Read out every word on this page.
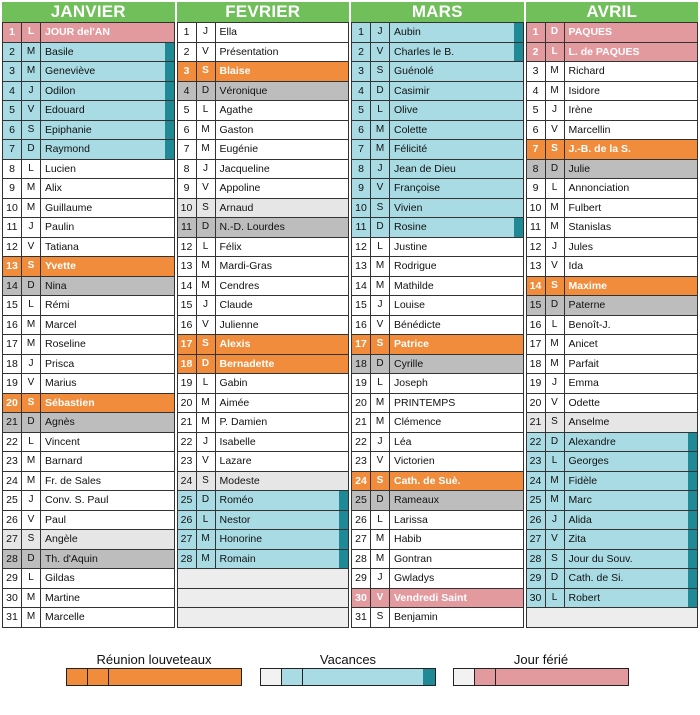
JANVIER
1	L	JOUR del'AN
2	M Basile
3	M Geneviève
4	J	Odilon
5	V	Edouard
6	S	Epiphanie
7	D Raymond
8	L	Lucien
9	M Alix
10 M Guillaume
11	J	Paulin
12 V	Tatiana
13 S	Yvette
14 D Nina
15	L	Rémi
16 M Marcel
17 M Roseline
18	J	Prisca
19 V	Marius
20 S	Sébastien
21 D Agnès
22	L	Vincent
23 M Barnard
24 M Fr. de Sales
25	J	Conv. S. Paul
26 V	Paul
27 S	Angèle
28 D Th. d'Aquin
29	L	Gildas
30 M Martine
31 M Marcelle
FEVRIER
1	J	Ella
2	V	Présentation
3	S	Blaise
4	D Véronique
5	L	Agathe
6	M Gaston
7	M Eugénie
8	J	Jacqueline
9	V	Appoline
10 S	Arnaud
11 D N.-D. Lourdes
12	L	Félix
13 M Mardi-Gras
14 M Cendres
15	J	Claude
16 V	Julienne
17 S	Alexis
18 D Bernadette
19	L	Gabin
20 M Aimée
21 M P. Damien
22	J	Isabelle
23 V	Lazare
24 S	Modeste
25 D Roméo
26	L	Nestor
27 M Honorine
28 M Romain
MARS
1	J	Aubin
2	V	Charles le B.
3	S	Guénolé
4	D Casimir
5	L	Olive
6	M Colette
7	M Félicité
8	J	Jean de Dieu
9	V	Françoise
10 S	Vivien
11 D Rosine
12	L	Justine
13 M Rodrigue
14 M Mathilde
15	J	Louise
16 V	Bénédicte
17 S	Patrice
18 D Cyrille
19	L	Joseph
20 M PRINTEMPS
21 M Clémence
22	J	Léa
23 V	Victorien
24 S	Cath. de Suè.
25 D Rameaux
26	L	Larissa
27 M Habib
28 M Gontran
29	J	Gwladys
30 V	Vendredi Saint
31 S	Benjamin
AVRIL
1	D PAQUES
2	L	L. de PAQUES
3	M Richard
4	M Isidore
5	J	Irène
6	V	Marcellin
7	S	J.-B. de la S.
8	D Julie
9	L	Annonciation
10 M Fulbert
11 M Stanislas
12	J	Jules
13 V	Ida
14 S	Maxime
15 D Paterne
16	L	Benoît-J.
17 M Anicet
18 M Parfait
19	J	Emma
20 V	Odette
21 S	Anselme
22 D Alexandre
23	L	Georges
24 M Fidèle
25 M Marc
26	J	Alida
27 V	Zita
28 S	Jour du Souv.
29 D Cath. de Si.
30	L	Robert
Réunion louveteaux	Vacances	Jour férié
